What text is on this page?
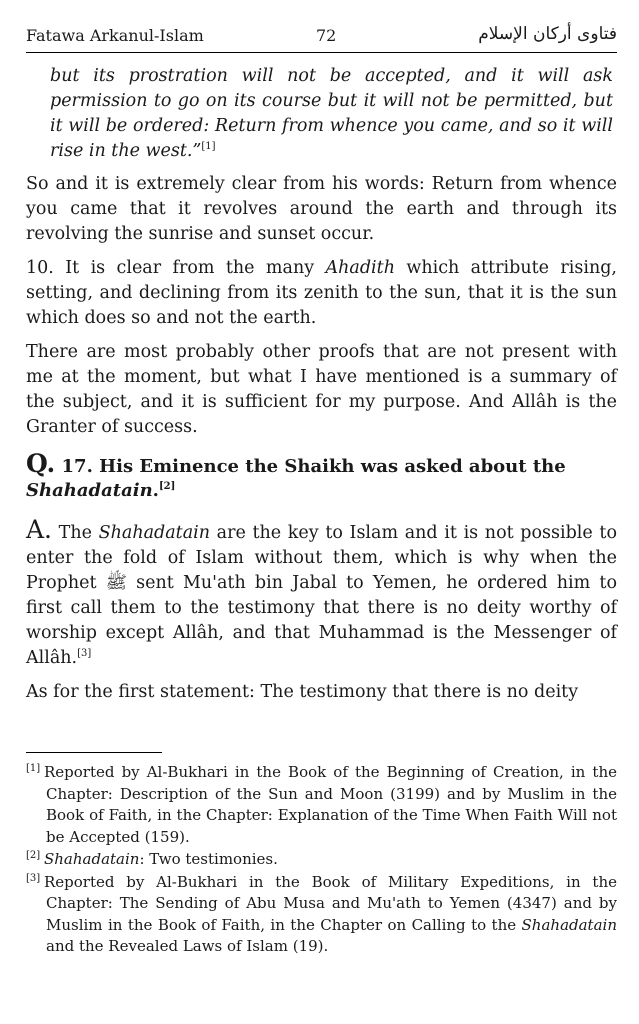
Fatawa Arkanul-Islam	72	فتاوى أركان الإسلام

but its prostration will not be accepted, and it will ask permission to go on its course but it will not be permitted, but it will be ordered: Return from whence you came, and so it will rise in the west.”[1]

So and it is extremely clear from his words: Return from whence you came that it revolves around the earth and through its revolving the sunrise and sunset occur.

10. It is clear from the many Ahadith which attribute rising, setting, and declining from its zenith to the sun, that it is the sun which does so and not the earth.

There are most probably other proofs that are not present with me at the moment, but what I have mentioned is a summary of the subject, and it is sufficient for my purpose. And Allâh is the Granter of success.

Q. 17. His Eminence the Shaikh was asked about the Shahadatain.[2]

A. The Shahadatain are the key to Islam and it is not possible to enter the fold of Islam without them, which is why when the Prophet ﷺ sent Mu'ath bin Jabal to Yemen, he ordered him to first call them to the testimony that there is no deity worthy of worship except Allâh, and that Muhammad is the Messenger of Allâh.[3]

As for the first statement: The testimony that there is no deity

[1] Reported by Al-Bukhari in the Book of the Beginning of Creation, in the Chapter: Description of the Sun and Moon (3199) and by Muslim in the Book of Faith, in the Chapter: Explanation of the Time When Faith Will not be Accepted (159).

[2] Shahadatain: Two testimonies.

[3] Reported by Al-Bukhari in the Book of Military Expeditions, in the Chapter: The Sending of Abu Musa and Mu'ath to Yemen (4347) and by Muslim in the Book of Faith, in the Chapter on Calling to the Shahadatain and the Revealed Laws of Islam (19).
